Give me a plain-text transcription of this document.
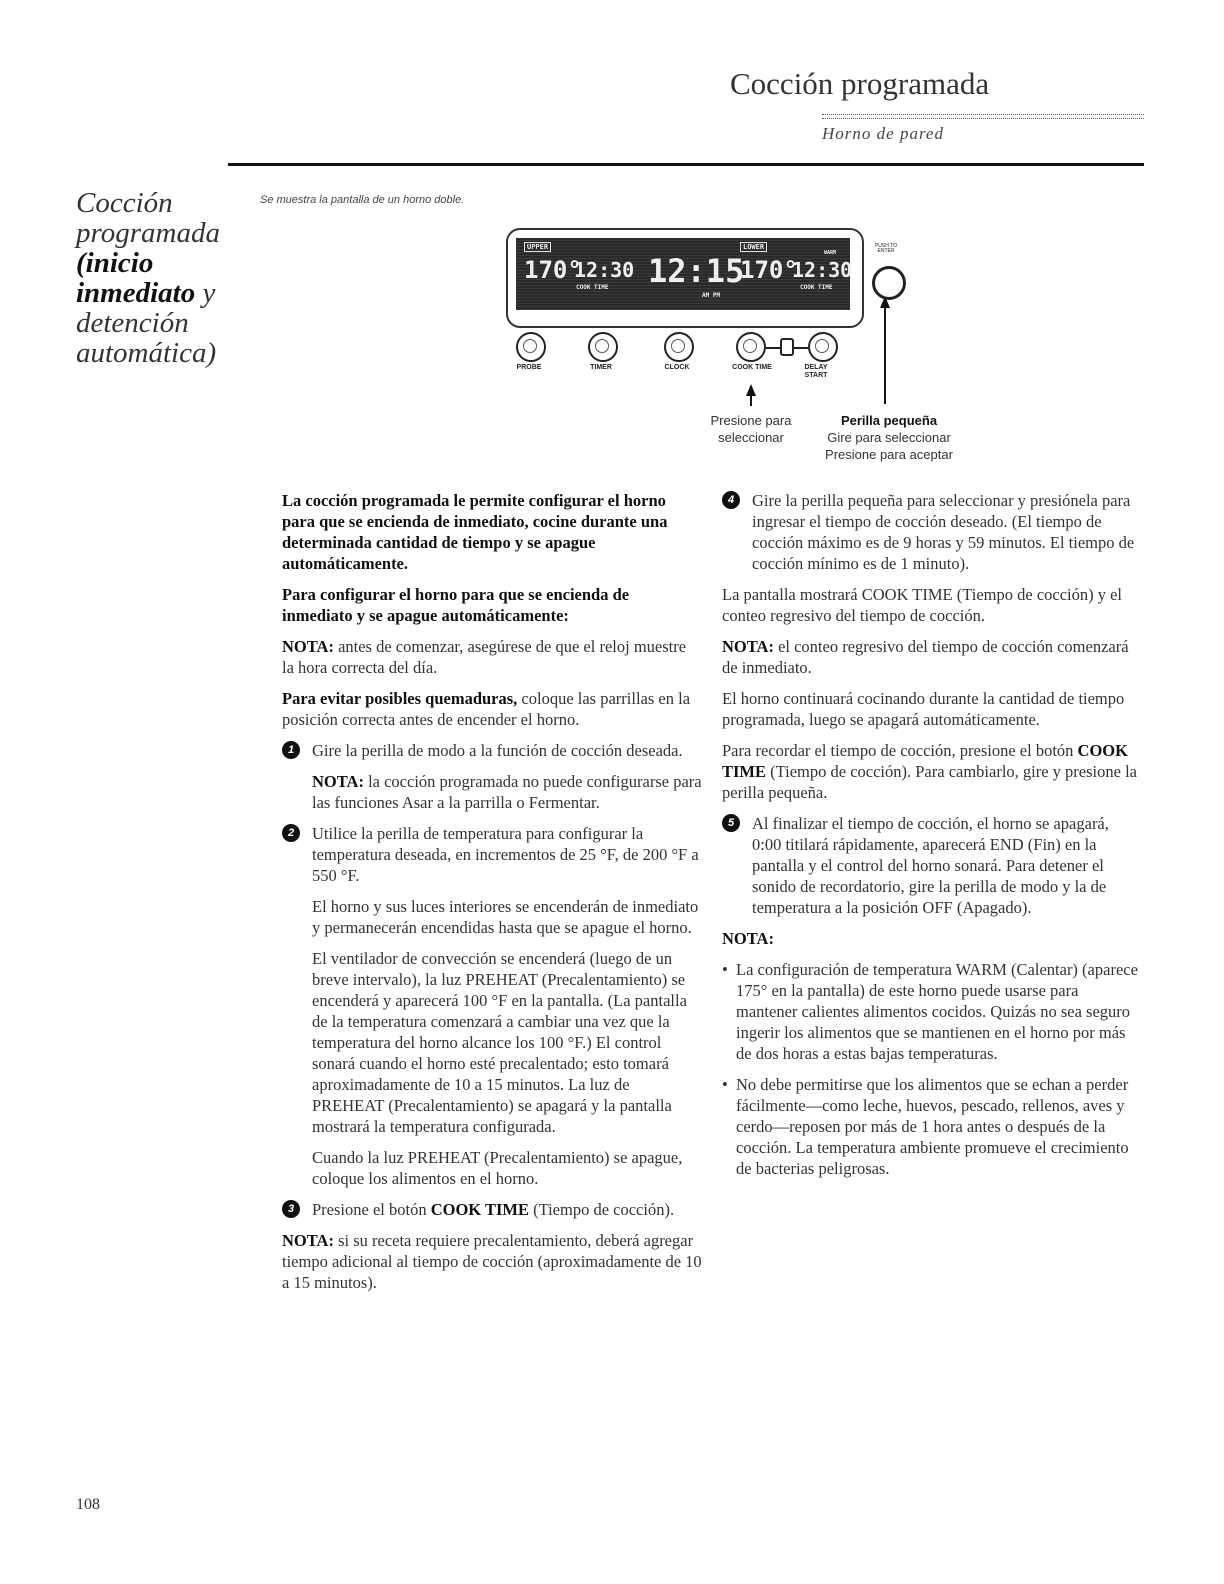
Cocción programada
Horno de pared
Cocción
programada
(inicio
inmediato y
detención
automática)
Se muestra la pantalla de un horno doble.
UPPER
170°
12:30
COOK TIME 12:15
AM PM
LOWER
170°
12:30
WARM
COOK TIME
PROBE	TIMER	CLOCK	COOK TIME	DELAY START
PUSH TO ENTER
Presione para
seleccionar
Perilla pequeña
Gire para seleccionar
Presione para aceptar

La cocción programada le permite configurar el horno para que se encienda de inmediato, cocine durante una determinada cantidad de tiempo y se apague automáticamente.

Para configurar el horno para que se encienda de inmediato y se apague automáticamente:

NOTA: antes de comenzar, asegúrese de que el reloj muestre la hora correcta del día.

Para evitar posibles quemaduras, coloque las parrillas en la posición correcta antes de encender el horno.

1	Gire la perilla de modo a la función de cocción deseada.

NOTA: la cocción programada no puede configurarse para las funciones Asar a la parrilla o Fermentar.

2	Utilice la perilla de temperatura para configurar la temperatura deseada, en incrementos de 25 °F, de 200 °F a 550 °F.

El horno y sus luces interiores se encenderán de inmediato y permanecerán encendidas hasta que se apague el horno.

El ventilador de convección se encenderá (luego de un breve intervalo), la luz PREHEAT (Precalentamiento) se encenderá y aparecerá 100 °F en la pantalla. (La pantalla de la temperatura comenzará a cambiar una vez que la temperatura del horno alcance los 100 °F.) El control sonará cuando el horno esté precalentado; esto tomará aproximadamente de 10 a 15 minutos. La luz de PREHEAT (Precalentamiento) se apagará y la pantalla mostrará la temperatura configurada.

Cuando la luz PREHEAT (Precalentamiento) se apague, coloque los alimentos en el horno.

3	Presione el botón COOK TIME (Tiempo de cocción).

NOTA: si su receta requiere precalentamiento, deberá agregar tiempo adicional al tiempo de cocción (aproximadamente de 10 a 15 minutos).

4	Gire la perilla pequeña para seleccionar y presiónela para ingresar el tiempo de cocción deseado. (El tiempo de cocción máximo es de 9 horas y 59 minutos. El tiempo de cocción mínimo es de 1 minuto).

La pantalla mostrará COOK TIME (Tiempo de cocción) y el conteo regresivo del tiempo de cocción.

NOTA: el conteo regresivo del tiempo de cocción comenzará de inmediato.

El horno continuará cocinando durante la cantidad de tiempo programada, luego se apagará automáticamente.

Para recordar el tiempo de cocción, presione el botón COOK TIME (Tiempo de cocción). Para cambiarlo, gire y presione la perilla pequeña.

5	Al finalizar el tiempo de cocción, el horno se apagará, 0:00 titilará rápidamente, aparecerá END (Fin) en la pantalla y el control del horno sonará. Para detener el sonido de recordatorio, gire la perilla de modo y la de temperatura a la posición OFF (Apagado).

NOTA:

• La configuración de temperatura WARM (Calentar) (aparece 175° en la pantalla) de este horno puede usarse para mantener calientes alimentos cocidos. Quizás no sea seguro ingerir los alimentos que se mantienen en el horno por más de dos horas a estas bajas temperaturas.

• No debe permitirse que los alimentos que se echan a perder fácilmente—como leche, huevos, pescado, rellenos, aves y cerdo—reposen por más de 1 hora antes o después de la cocción. La temperatura ambiente promueve el crecimiento de bacterias peligrosas.

108
